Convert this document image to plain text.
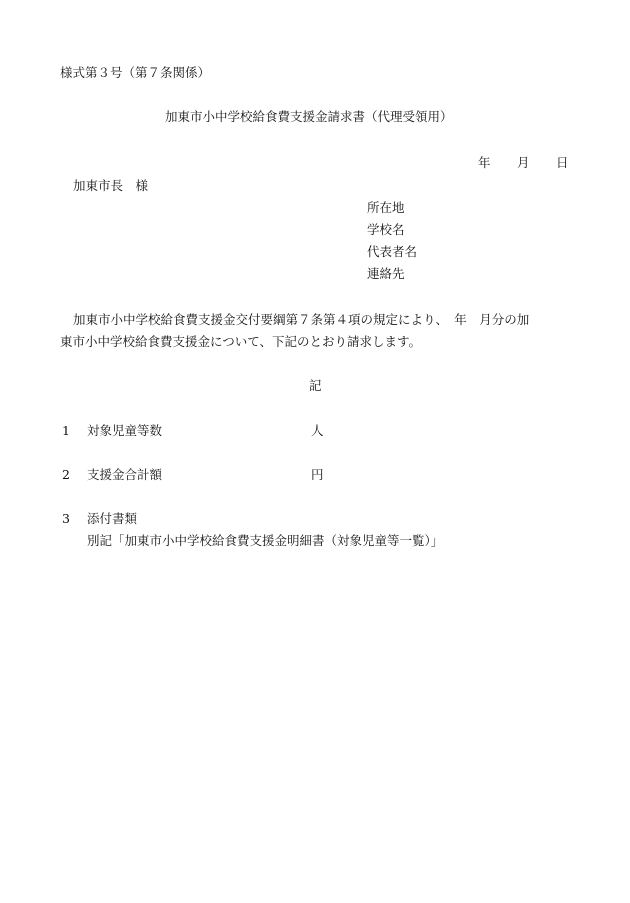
様式第３号（第７条関係）
加東市小中学校給食費支援金請求書（代理受領用）
年 月 日
加東市長　様
所在地
学校名
代表者名
連絡先
加東市小中学校給食費支援金交付要綱第７条第４項の規定により、　年　月分の加
東市小中学校給食費支援金について、下記のとおり請求します。
記
1 対象児童等数	人
2 支援金合計額	円
3 添付書類
別記「加東市小中学校給食費支援金明細書（対象児童等一覧）」
